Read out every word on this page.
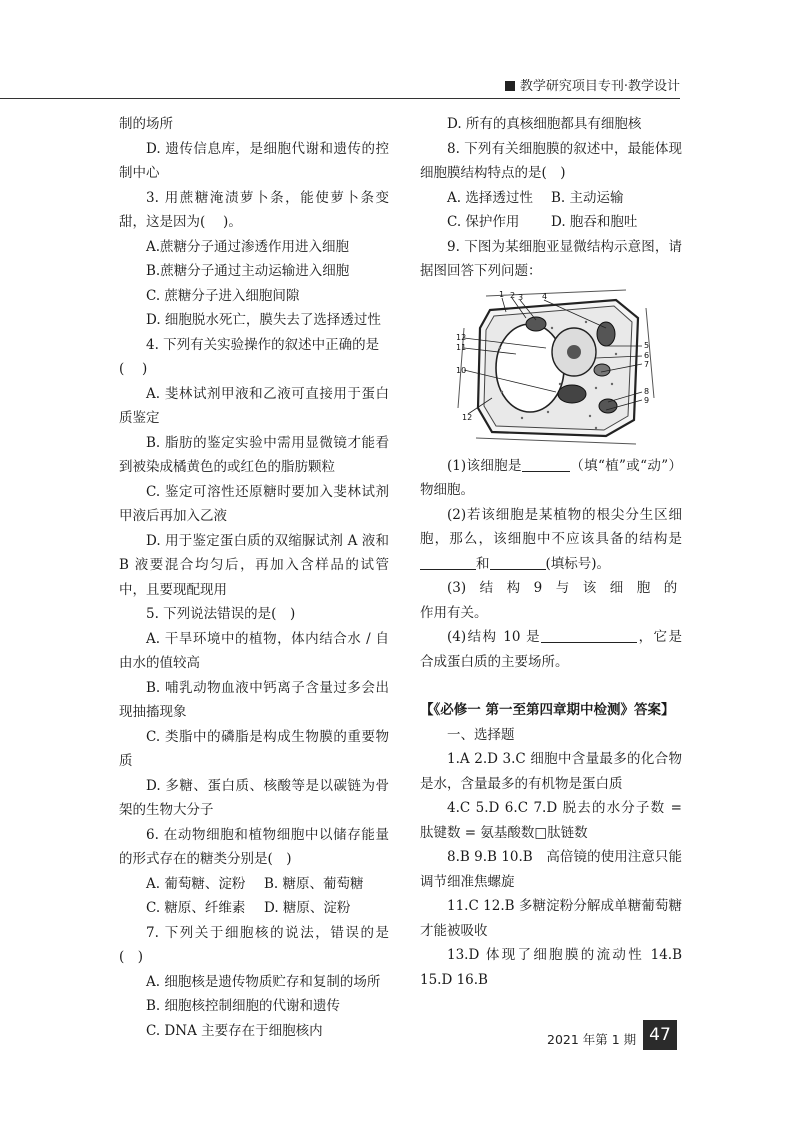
教学研究项目专刊·教学设计

制的场所

D. 遗传信息库，是细胞代谢和遗传的控制中心

3. 用蔗糖淹渍萝卜条，能使萝卜条变甜，这是因为(　 )。

A.蔗糖分子通过渗透作用进入细胞

B.蔗糖分子通过主动运输进入细胞

C. 蔗糖分子进入细胞间隙

D. 细胞脱水死亡，膜失去了选择透过性

4. 下列有关实验操作的叙述中正确的是

(　 )

A. 斐林试剂甲液和乙液可直接用于蛋白质鉴定

B. 脂肪的鉴定实验中需用显微镜才能看到被染成橘黄色的或红色的脂肪颗粒

C. 鉴定可溶性还原糖时要加入斐林试剂甲液后再加入乙液

D. 用于鉴定蛋白质的双缩脲试剂 A 液和 B 液要混合均匀后，再加入含样品的试管中，且要现配现用

5. 下列说法错误的是(　)

A. 干旱环境中的植物，体内结合水 / 自由水的值较高

B. 哺乳动物血液中钙离子含量过多会出现抽搐现象

C. 类脂中的磷脂是构成生物膜的重要物质

D. 多糖、蛋白质、核酸等是以碳链为骨架的生物大分子

6. 在动物细胞和植物细胞中以储存能量的形式存在的糖类分别是(　)

A. 葡萄糖、淀粉	B. 糖原、葡萄糖
C. 糖原、纤维素	D. 糖原、淀粉

7. 下列关于细胞核的说法，错误的是(　)

A. 细胞核是遗传物质贮存和复制的场所

B. 细胞核控制细胞的代谢和遗传

C. DNA 主要存在于细胞核内

D. 所有的真核细胞都具有细胞核

8. 下列有关细胞膜的叙述中，最能体现细胞膜结构特点的是(　)

A. 选择透过性	B. 主动运输
C. 保护作用	D. 胞吞和胞吐

9. 下图为某细胞亚显微结构示意图，请据图回答下列问题：

1 2 3 4
5
6
7
8
9
10
11
12
12

(1)该细胞是	（填“植”或“动”）物细胞。

(2)若该细胞是某植物的根尖分生区细胞，那么，该细胞中不应该具备的结构是和	(填标号)。

(3)　结　构　9　与　该　细　胞　的

作用有关。

(4)结构 10 是	，它是合成蛋白质的主要场所。

【《必修一 第一至第四章期中检测》答案】

一、选择题

1.A 2.D 3.C 细胞中含量最多的化合物是水，含量最多的有机物是蛋白质

4.C 5.D 6.C 7.D 脱去的水分子数 = 肽键数 = 氨基酸数□肽链数

8.B 9.B 10.B　高倍镜的使用注意只能调节细准焦螺旋

11.C 12.B 多糖淀粉分解成单糖葡萄糖才能被吸收

13.D 体现了细胞膜的流动性 14.B 15.D 16.B

2021 年第 1 期 47
